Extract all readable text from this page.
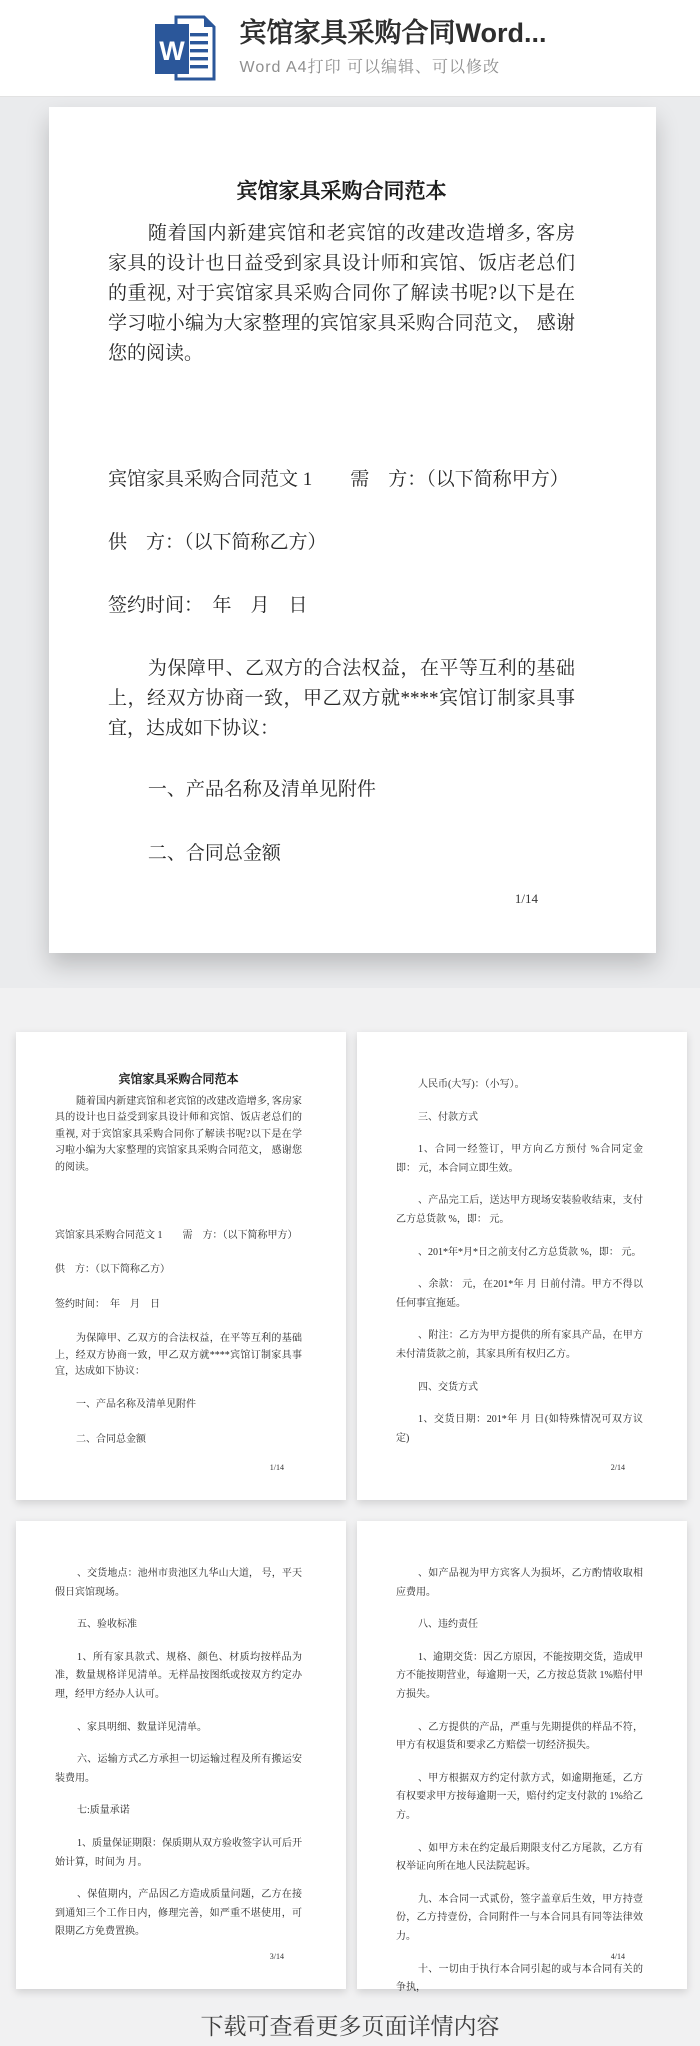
W
宾馆家具采购合同Word...
Word A4打印 可以编辑、可以修改
宾馆家具采购合同范本

随着国内新建宾馆和老宾馆的改建改造增多, 客房家具的设计也日益受到家具设计师和宾馆、饭店老总们的重视, 对于宾馆家具采购合同你了解读书呢?以下是在学习啦小编为大家整理的宾馆家具采购合同范文， 感谢您的阅读。

宾馆家具采购合同范文 1　　需　方：（以下简称甲方）

供　方：（以下简称乙方）

签约时间：　年　月　日

为保障甲、乙双方的合法权益，在平等互利的基础上，经双方协商一致，甲乙双方就****宾馆订制家具事宜，达成如下协议：

一、产品名称及清单见附件

二、合同总金额

1/14
宾馆家具采购合同范本

随着国内新建宾馆和老宾馆的改建改造增多, 客房家具的设计也日益受到家具设计师和宾馆、饭店老总们的重视, 对于宾馆家具采购合同你了解读书呢?以下是在学习啦小编为大家整理的宾馆家具采购合同范文， 感谢您的阅读。

宾馆家具采购合同范文 1　　需　方：（以下简称甲方）

供　方：（以下简称乙方）

签约时间：　年　月　日

为保障甲、乙双方的合法权益，在平等互利的基础上，经双方协商一致，甲乙双方就****宾馆订制家具事宜，达成如下协议：

一、产品名称及清单见附件

二、合同总金额

1/14

人民币(大写)：（小写）。

三、付款方式

1、合同一经签订，甲方向乙方预付 %合同定金即： 元，本合同立即生效。

、产品完工后，送达甲方现场安装验收结束，支付乙方总货款 %，即： 元。

、201*年*月*日之前支付乙方总货款 %，即： 元。

、余款： 元，在201*年 月 日前付清。甲方不得以任何事宜拖延。

、附注：乙方为甲方提供的所有家具产品，在甲方未付清货款之前，其家具所有权归乙方。

四、交货方式

1、交货日期：201*年 月 日(如特殊情况可双方议定)

2/14

、交货地点：池州市贵池区九华山大道， 号，平天假日宾馆现场。

五、验收标准

1、所有家具款式、规格、颜色、材质均按样品为准，数量规格详见清单。无样品按图纸或按双方约定办理，经甲方经办人认可。

、家具明细、数量详见清单。

六、运输方式乙方承担一切运输过程及所有搬运安装费用。

七:质量承诺

1、质量保证期限：保质期从双方验收签字认可后开始计算，时间为 月。

、保值期内，产品因乙方造成质量问题，乙方在接到通知三个工作日内，修理完善，如严重不堪使用，可限期乙方免费置换。

3/14

、如产品视为甲方宾客人为损坏，乙方酌情收取相应费用。

八、违约责任

1、逾期交货：因乙方原因，不能按期交货，造成甲方不能按期营业，每逾期一天，乙方按总货款 1%赔付甲方损失。

、乙方提供的产品，严重与先期提供的样品不符，甲方有权退货和要求乙方赔偿一切经济损失。

、甲方根据双方约定付款方式，如逾期拖延，乙方有权要求甲方按每逾期一天，赔付约定支付款的 1%给乙方。

、如甲方未在约定最后期限支付乙方尾款，乙方有权举证向所在地人民法院起诉。

九、本合同一式贰份，签字盖章后生效，甲方持壹份，乙方持壹份，合同附件一与本合同具有同等法律效力。

十、一切由于执行本合同引起的或与本合同有关的争执，

4/14
下载可查看更多页面详情内容
